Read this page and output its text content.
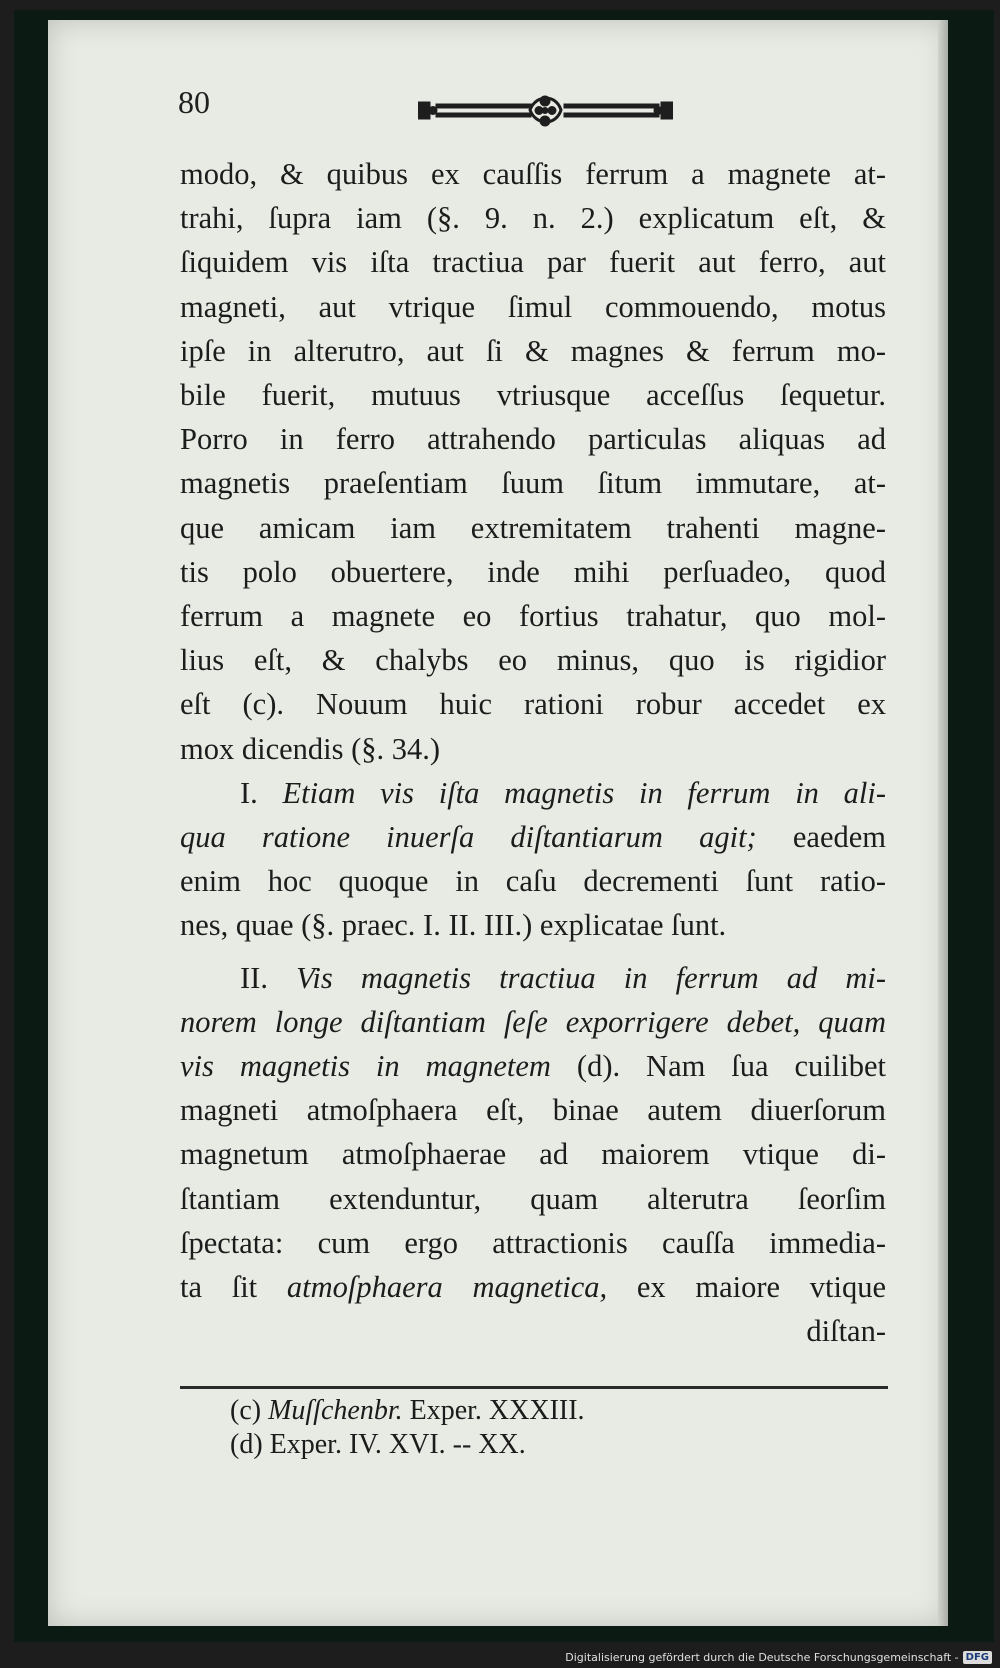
80
modo, & quibus ex cauſſis ferrum a magnete at-
trahi, ſupra iam (§. 9. n. 2.) explicatum eſt, &
ſiquidem vis iſta tractiua par fuerit aut ferro, aut
magneti, aut vtrique ſimul commouendo, motus
ipſe in alterutro, aut ſi & magnes & ferrum mo-
bile fuerit, mutuus vtriusque acceſſus ſequetur.
Porro in ferro attrahendo particulas aliquas ad
magnetis praeſentiam ſuum ſitum immutare, at-
que amicam iam extremitatem trahenti magne-
tis polo obuertere, inde mihi perſuadeo, quod
ferrum a magnete eo fortius trahatur, quo mol-
lius eſt, & chalybs eo minus, quo is rigidior
eſt (c). Nouum huic rationi robur accedet ex
mox dicendis (§. 34.)
I. Etiam vis iſta magnetis in ferrum in ali-
qua ratione inuerſa diſtantiarum agit; eaedem
enim hoc quoque in caſu decrementi ſunt ratio-
nes, quae (§. praec. I. II. III.) explicatae ſunt.
II. Vis magnetis tractiua in ferrum ad mi-
norem longe diſtantiam ſeſe exporrigere debet, quam
vis magnetis in magnetem (d). Nam ſua cuilibet
magneti atmoſphaera eſt, binae autem diuerſorum
magnetum atmoſphaerae ad maiorem vtique di-
ſtantiam extenduntur, quam alterutra ſeorſim
ſpectata: cum ergo attractionis cauſſa immedia-
ta ſit atmoſphaera magnetica, ex maiore vtique
diſtan-
(c) Muſſchenbr. Exper. XXXIII.
(d) Exper. IV. XVI. -- XX.
Digitalisierung gefördert durch die Deutsche Forschungsgemeinschaft - DFG
